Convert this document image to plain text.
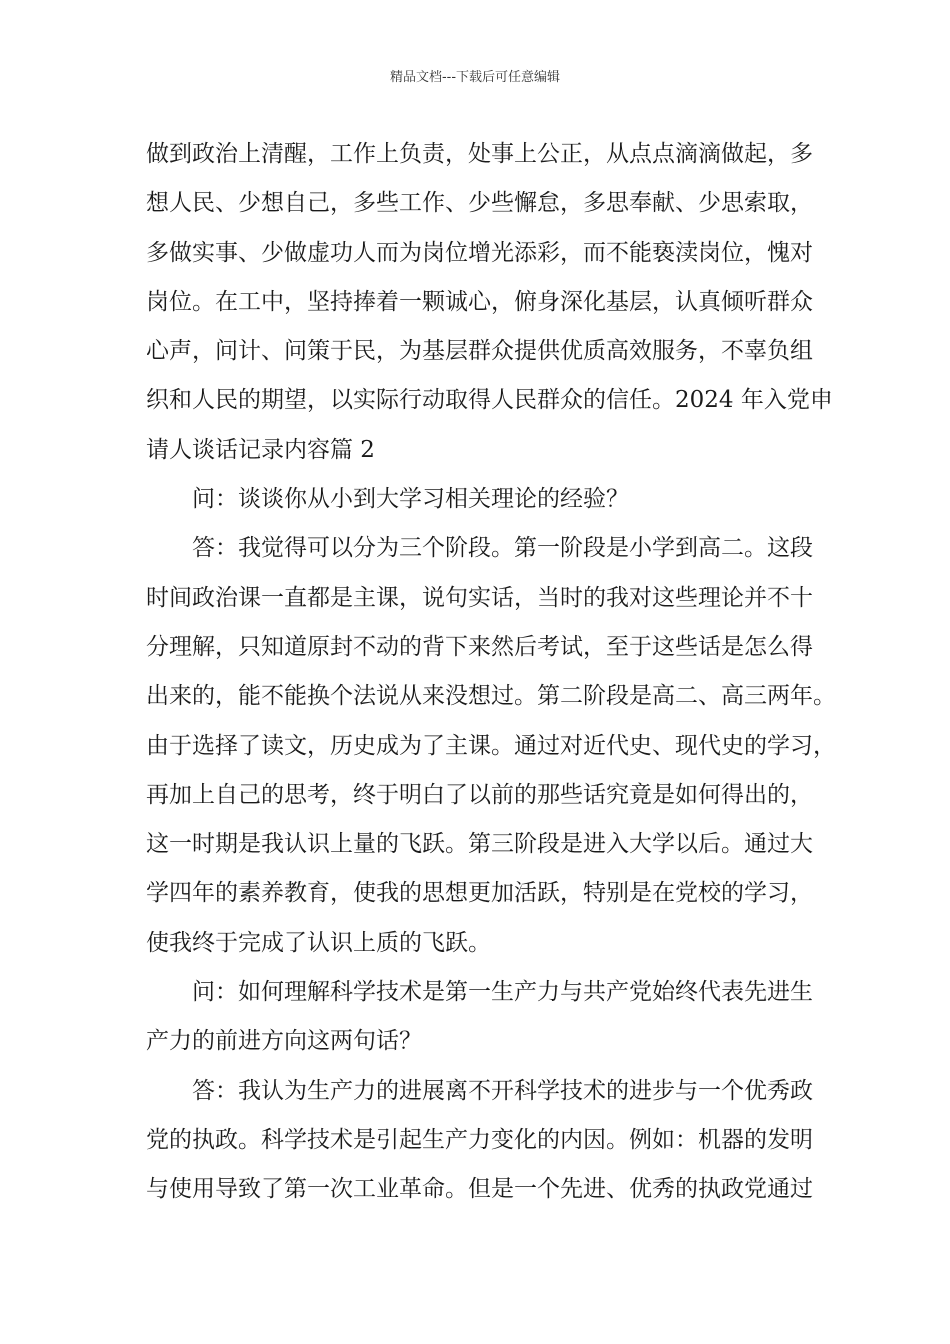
精品文档---下载后可任意编辑
做到政治上清醒，工作上负责，处事上公正，从点点滴滴做起，多
想人民、少想自己，多些工作、少些懈怠，多思奉献、少思索取，
多做实事、少做虚功人而为岗位增光添彩，而不能亵渎岗位，愧对
岗位。在工中，坚持捧着一颗诚心，俯身深化基层，认真倾听群众
心声，问计、问策于民，为基层群众提供优质高效服务，不辜负组
织和人民的期望，以实际行动取得人民群众的信任。2024 年入党申
请人谈话记录内容篇 2
问：谈谈你从小到大学习相关理论的经验？
答：我觉得可以分为三个阶段。第一阶段是小学到高二。这段
时间政治课一直都是主课，说句实话，当时的我对这些理论并不十
分理解，只知道原封不动的背下来然后考试，至于这些话是怎么得
出来的，能不能换个法说从来没想过。第二阶段是高二、高三两年。
由于选择了读文，历史成为了主课。通过对近代史、现代史的学习，
再加上自己的思考，终于明白了以前的那些话究竟是如何得出的，
这一时期是我认识上量的飞跃。第三阶段是进入大学以后。通过大
学四年的素养教育，使我的思想更加活跃，特别是在党校的学习，
使我终于完成了认识上质的飞跃。
问：如何理解科学技术是第一生产力与共产党始终代表先进生
产力的前进方向这两句话？
答：我认为生产力的进展离不开科学技术的进步与一个优秀政
党的执政。科学技术是引起生产力变化的内因。例如：机器的发明
与使用导致了第一次工业革命。但是一个先进、优秀的执政党通过
